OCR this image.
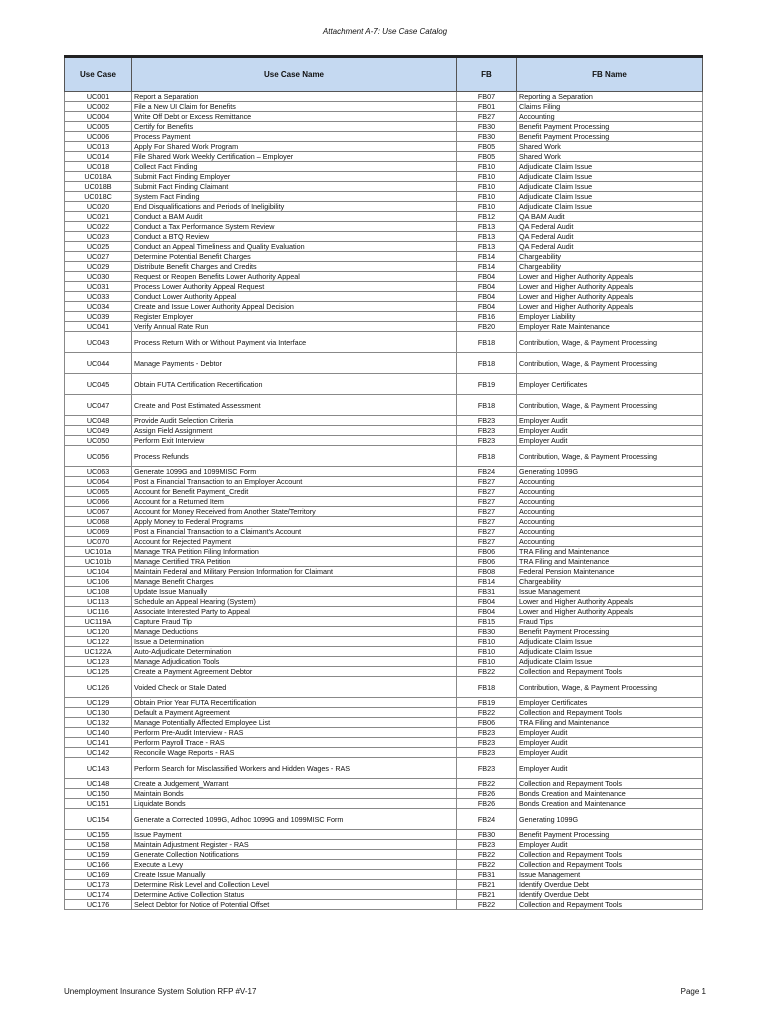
Attachment A-7: Use Case Catalog
Use Case	Use Case Name	FB	FB Name
UC001	Report a Separation	FB07	Reporting a Separation
UC002	File a New UI Claim for Benefits	FB01	Claims Filing
UC004	Write Off Debt or Excess Remittance	FB27	Accounting
UC005	Certify for Benefits	FB30	Benefit Payment Processing
UC006	Process Payment	FB30	Benefit Payment Processing
UC013	Apply For Shared Work Program	FB05	Shared Work
UC014	File Shared Work Weekly Certification – Employer	FB05	Shared Work
UC018	Collect Fact Finding	FB10	Adjudicate Claim Issue
UC018A	Submit Fact Finding Employer	FB10	Adjudicate Claim Issue
UC018B	Submit Fact Finding Claimant	FB10	Adjudicate Claim Issue
UC018C	System Fact Finding	FB10	Adjudicate Claim Issue
UC020	End Disqualifications and Periods of Ineligibility	FB10	Adjudicate Claim Issue
UC021	Conduct a BAM Audit	FB12	QA BAM Audit
UC022	Conduct a Tax Performance System Review	FB13	QA Federal Audit
UC023	Conduct a BTQ Review	FB13	QA Federal Audit
UC025	Conduct an Appeal Timeliness and Quality Evaluation	FB13	QA Federal Audit
UC027	Determine Potential Benefit Charges	FB14	Chargeability
UC029	Distribute Benefit Charges and Credits	FB14	Chargeability
UC030	Request or Reopen Benefits Lower Authority Appeal	FB04	Lower and Higher Authority Appeals
UC031	Process Lower Authority Appeal Request	FB04	Lower and Higher Authority Appeals
UC033	Conduct Lower Authority Appeal	FB04	Lower and Higher Authority Appeals
UC034	Create and Issue Lower Authority Appeal Decision	FB04	Lower and Higher Authority Appeals
UC039	Register Employer	FB16	Employer Liability
UC041	Verify Annual Rate Run	FB20	Employer Rate Maintenance
UC043	Process Return With or Without Payment via Interface	FB18	Contribution, Wage, & Payment Processing
UC044	Manage Payments - Debtor	FB18	Contribution, Wage, & Payment Processing
UC045	Obtain FUTA Certification Recertification	FB19	Employer Certificates
UC047	Create and Post Estimated Assessment	FB18	Contribution, Wage, & Payment Processing
UC048	Provide Audit Selection Criteria	FB23	Employer Audit
UC049	Assign Field Assignment	FB23	Employer Audit
UC050	Perform Exit Interview	FB23	Employer Audit
UC056	Process Refunds	FB18	Contribution, Wage, & Payment Processing
UC063	Generate 1099G and 1099MISC Form	FB24	Generating 1099G
UC064	Post a Financial Transaction to an Employer Account	FB27	Accounting
UC065	Account for Benefit Payment_Credit	FB27	Accounting
UC066	Account for a Returned Item	FB27	Accounting
UC067	Account for Money Received from Another State/Territory	FB27	Accounting
UC068	Apply Money to Federal Programs	FB27	Accounting
UC069	Post a Financial Transaction to a Claimant's Account	FB27	Accounting
UC070	Account for Rejected Payment	FB27	Accounting
UC101a	Manage TRA Petition Filing Information	FB06	TRA Filing and Maintenance
UC101b	Manage Certified TRA Petition	FB06	TRA Filing and Maintenance
UC104	Maintain Federal and Military Pension Information for Claimant	FB08	Federal Pension Maintenance
UC106	Manage Benefit Charges	FB14	Chargeability
UC108	Update Issue Manually	FB31	Issue Management
UC113	Schedule an Appeal Hearing (System)	FB04	Lower and Higher Authority Appeals
UC116	Associate Interested Party to Appeal	FB04	Lower and Higher Authority Appeals
UC119A	Capture Fraud Tip	FB15	Fraud Tips
UC120	Manage Deductions	FB30	Benefit Payment Processing
UC122	Issue a Determination	FB10	Adjudicate Claim Issue
UC122A	Auto-Adjudicate Determination	FB10	Adjudicate Claim Issue
UC123	Manage Adjudication Tools	FB10	Adjudicate Claim Issue
UC125	Create a Payment Agreement Debtor	FB22	Collection and Repayment Tools
UC126	Voided Check or Stale Dated	FB18	Contribution, Wage, & Payment Processing
UC129	Obtain Prior Year FUTA Recertification	FB19	Employer Certificates
UC130	Default a Payment Agreement	FB22	Collection and Repayment Tools
UC132	Manage Potentially Affected Employee List	FB06	TRA Filing and Maintenance
UC140	Perform Pre-Audit Interview - RAS	FB23	Employer Audit
UC141	Perform Payroll Trace - RAS	FB23	Employer Audit
UC142	Reconcile Wage Reports - RAS	FB23	Employer Audit
UC143	Perform Search for Misclassified Workers and Hidden Wages - RAS	FB23	Employer Audit
UC148	Create a Judgement_Warrant	FB22	Collection and Repayment Tools
UC150	Maintain Bonds	FB26	Bonds Creation and Maintenance
UC151	Liquidate Bonds	FB26	Bonds Creation and Maintenance
UC154	Generate a Corrected 1099G, Adhoc 1099G and 1099MISC Form	FB24	Generating 1099G
UC155	Issue Payment	FB30	Benefit Payment Processing
UC158	Maintain Adjustment Register - RAS	FB23	Employer Audit
UC159	Generate Collection Notifications	FB22	Collection and Repayment Tools
UC166	Execute a Levy	FB22	Collection and Repayment Tools
UC169	Create Issue Manually	FB31	Issue Management
UC173	Determine Risk Level and Collection Level	FB21	Identify Overdue Debt
UC174	Determine Active Collection Status	FB21	Identify Overdue Debt
UC176	Select Debtor for Notice of Potential Offset	FB22	Collection and Repayment Tools
Unemployment Insurance System Solution RFP #V-17	Page 1
